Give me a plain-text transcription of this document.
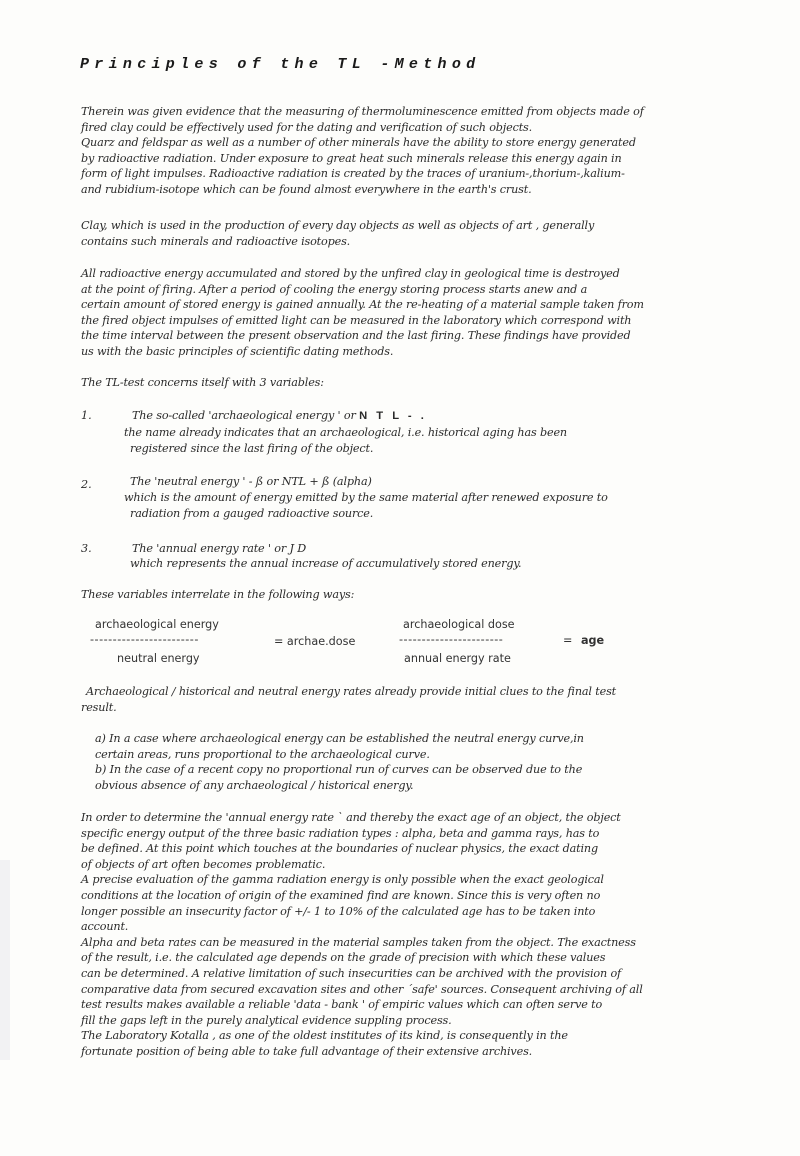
Principles of the TL -Method
Therein was given evidence that the measuring of thermoluminescence emitted from objects made of
fired clay could be effectively used for the dating and verification of such objects.
Quarz and feldspar as well as a number of other minerals have the ability to store energy generated
by radioactive radiation. Under exposure to great heat such minerals release this energy again in
form of light impulses. Radioactive radiation is created by the traces of uranium-,thorium-,kalium-
and rubidium-isotope which can be found almost everywhere in the earth's crust.
Clay, which is used in the production of every day objects as well as objects of art , generally
contains such minerals and radioactive isotopes.
All radioactive energy accumulated and stored by the unfired clay in geological time is destroyed
at the point of firing. After a period of cooling the energy storing process starts anew and a
certain amount of stored energy is gained annually. At the re-heating of a material sample taken from
the fired object impulses of emitted light can be measured in the laboratory which correspond with
the time interval between the present observation and the last firing. These findings have provided
us with the basic principles of scientific dating methods.
The TL-test concerns itself with 3 variables:
1.	The so-called 'archaeological energy ' or N T L - .
the name already indicates that an archaeological, i.e. historical aging has been
registered since the last firing of the object.
2.	The 'neutral energy ' - ß or NTL + ß (alpha)
which is the amount of energy emitted by the same material after renewed exposure to
radiation from a gauged radioactive source.
3.	The 'annual energy rate ' or J D
which represents the annual increase of accumulatively stored energy.
These variables interrelate in the following ways:
archaeological energy
------------------------	= archae.dose
neutral energy
archaeological dose
-----------------------	= age
annual energy rate
Archaeological / historical and neutral energy rates already provide initial clues to the final test
result.
a) In a case where archaeological energy can be established the neutral energy curve,in
certain areas, runs proportional to the archaeological curve.
b) In the case of a recent copy no proportional run of curves can be observed due to the
obvious absence of any archaeological / historical energy.
In order to determine the 'annual energy rate ` and thereby the exact age of an object, the object
specific energy output of the three basic radiation types : alpha, beta and gamma rays, has to
be defined. At this point which touches at the boundaries of nuclear physics, the exact dating
of objects of art often becomes problematic.
A precise evaluation of the gamma radiation energy is only possible when the exact geological
conditions at the location of origin of the examined find are known. Since this is very often no
longer possible an insecurity factor of +/- 1 to 10% of the calculated age has to be taken into
account.
Alpha and beta rates can be measured in the material samples taken from the object. The exactness
of the result, i.e. the calculated age depends on the grade of precision with which these values
can be determined. A relative limitation of such insecurities can be archived with the provision of
comparative data from secured excavation sites and other ´safe' sources. Consequent archiving of all
test results makes available a reliable 'data - bank ' of empiric values which can often serve to
fill the gaps left in the purely analytical evidence suppling process.
The Laboratory Kotalla , as one of the oldest institutes of its kind, is consequently in the
fortunate position of being able to take full advantage of their extensive archives.
